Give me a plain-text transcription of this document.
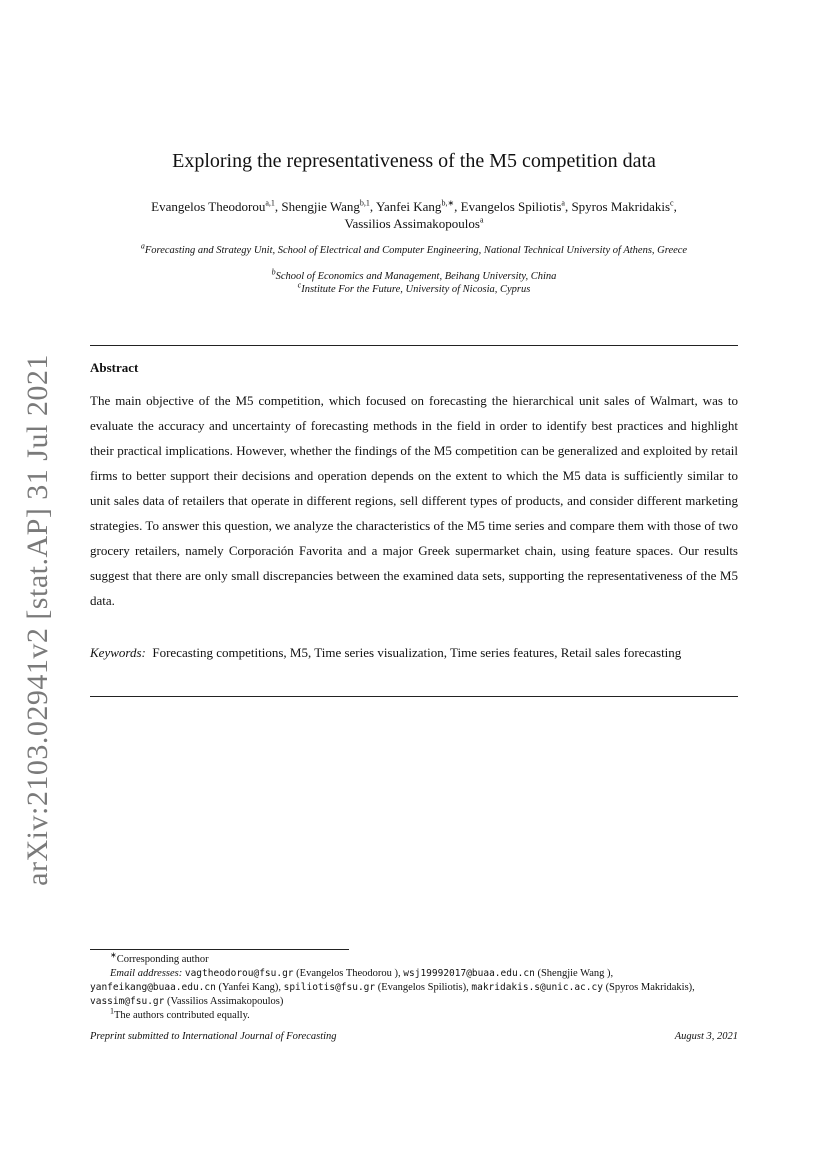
arXiv:2103.02941v2 [stat.AP] 31 Jul 2021
Exploring the representativeness of the M5 competition data
Evangelos Theodorou$^{a,1}$, Shengjie Wang$^{b,1}$, Yanfei Kang$^{b,∗}$, Evangelos Spiliotis$^a$, Spyros Makridakis$^c$,
Vassilios Assimakopoulos$^a$
$^a$Forecasting and Strategy Unit, School of Electrical and Computer Engineering, National Technical University of Athens, Greece
$^b$School of Economics and Management, Beihang University, China
$^c$Institute For the Future, University of Nicosia, Cyprus
Abstract
The main objective of the M5 competition, which focused on forecasting the hierarchical unit sales of Walmart, was to evaluate the accuracy and uncertainty of forecasting methods in the field in order to identify best practices and highlight their practical implications. However, whether the findings of the M5 competition can be generalized and exploited by retail firms to better support their decisions and operation depends on the extent to which the M5 data is sufficiently similar to unit sales data of retailers that operate in different regions, sell different types of products, and consider different marketing strategies. To answer this question, we analyze the characteristics of the M5 time series and compare them with those of two grocery retailers, namely Corporación Favorita and a major Greek supermarket chain, using feature spaces. Our results suggest that there are only small discrepancies between the examined data sets, supporting the representativeness of the M5 data.
Keywords: Forecasting competitions, M5, Time series visualization, Time series features, Retail sales forecasting
∗Corresponding author
Email addresses: vagtheodorou@fsu.gr (Evangelos Theodorou ), wsj19992017@buaa.edu.cn (Shengjie Wang ), yanfeikang@buaa.edu.cn (Yanfei Kang), spiliotis@fsu.gr (Evangelos Spiliotis), makridakis.s@unic.ac.cy (Spyros Makridakis), vassim@fsu.gr (Vassilios Assimakopoulos)
$^1$The authors contributed equally.
Preprint submitted to International Journal of Forecasting	August 3, 2021
